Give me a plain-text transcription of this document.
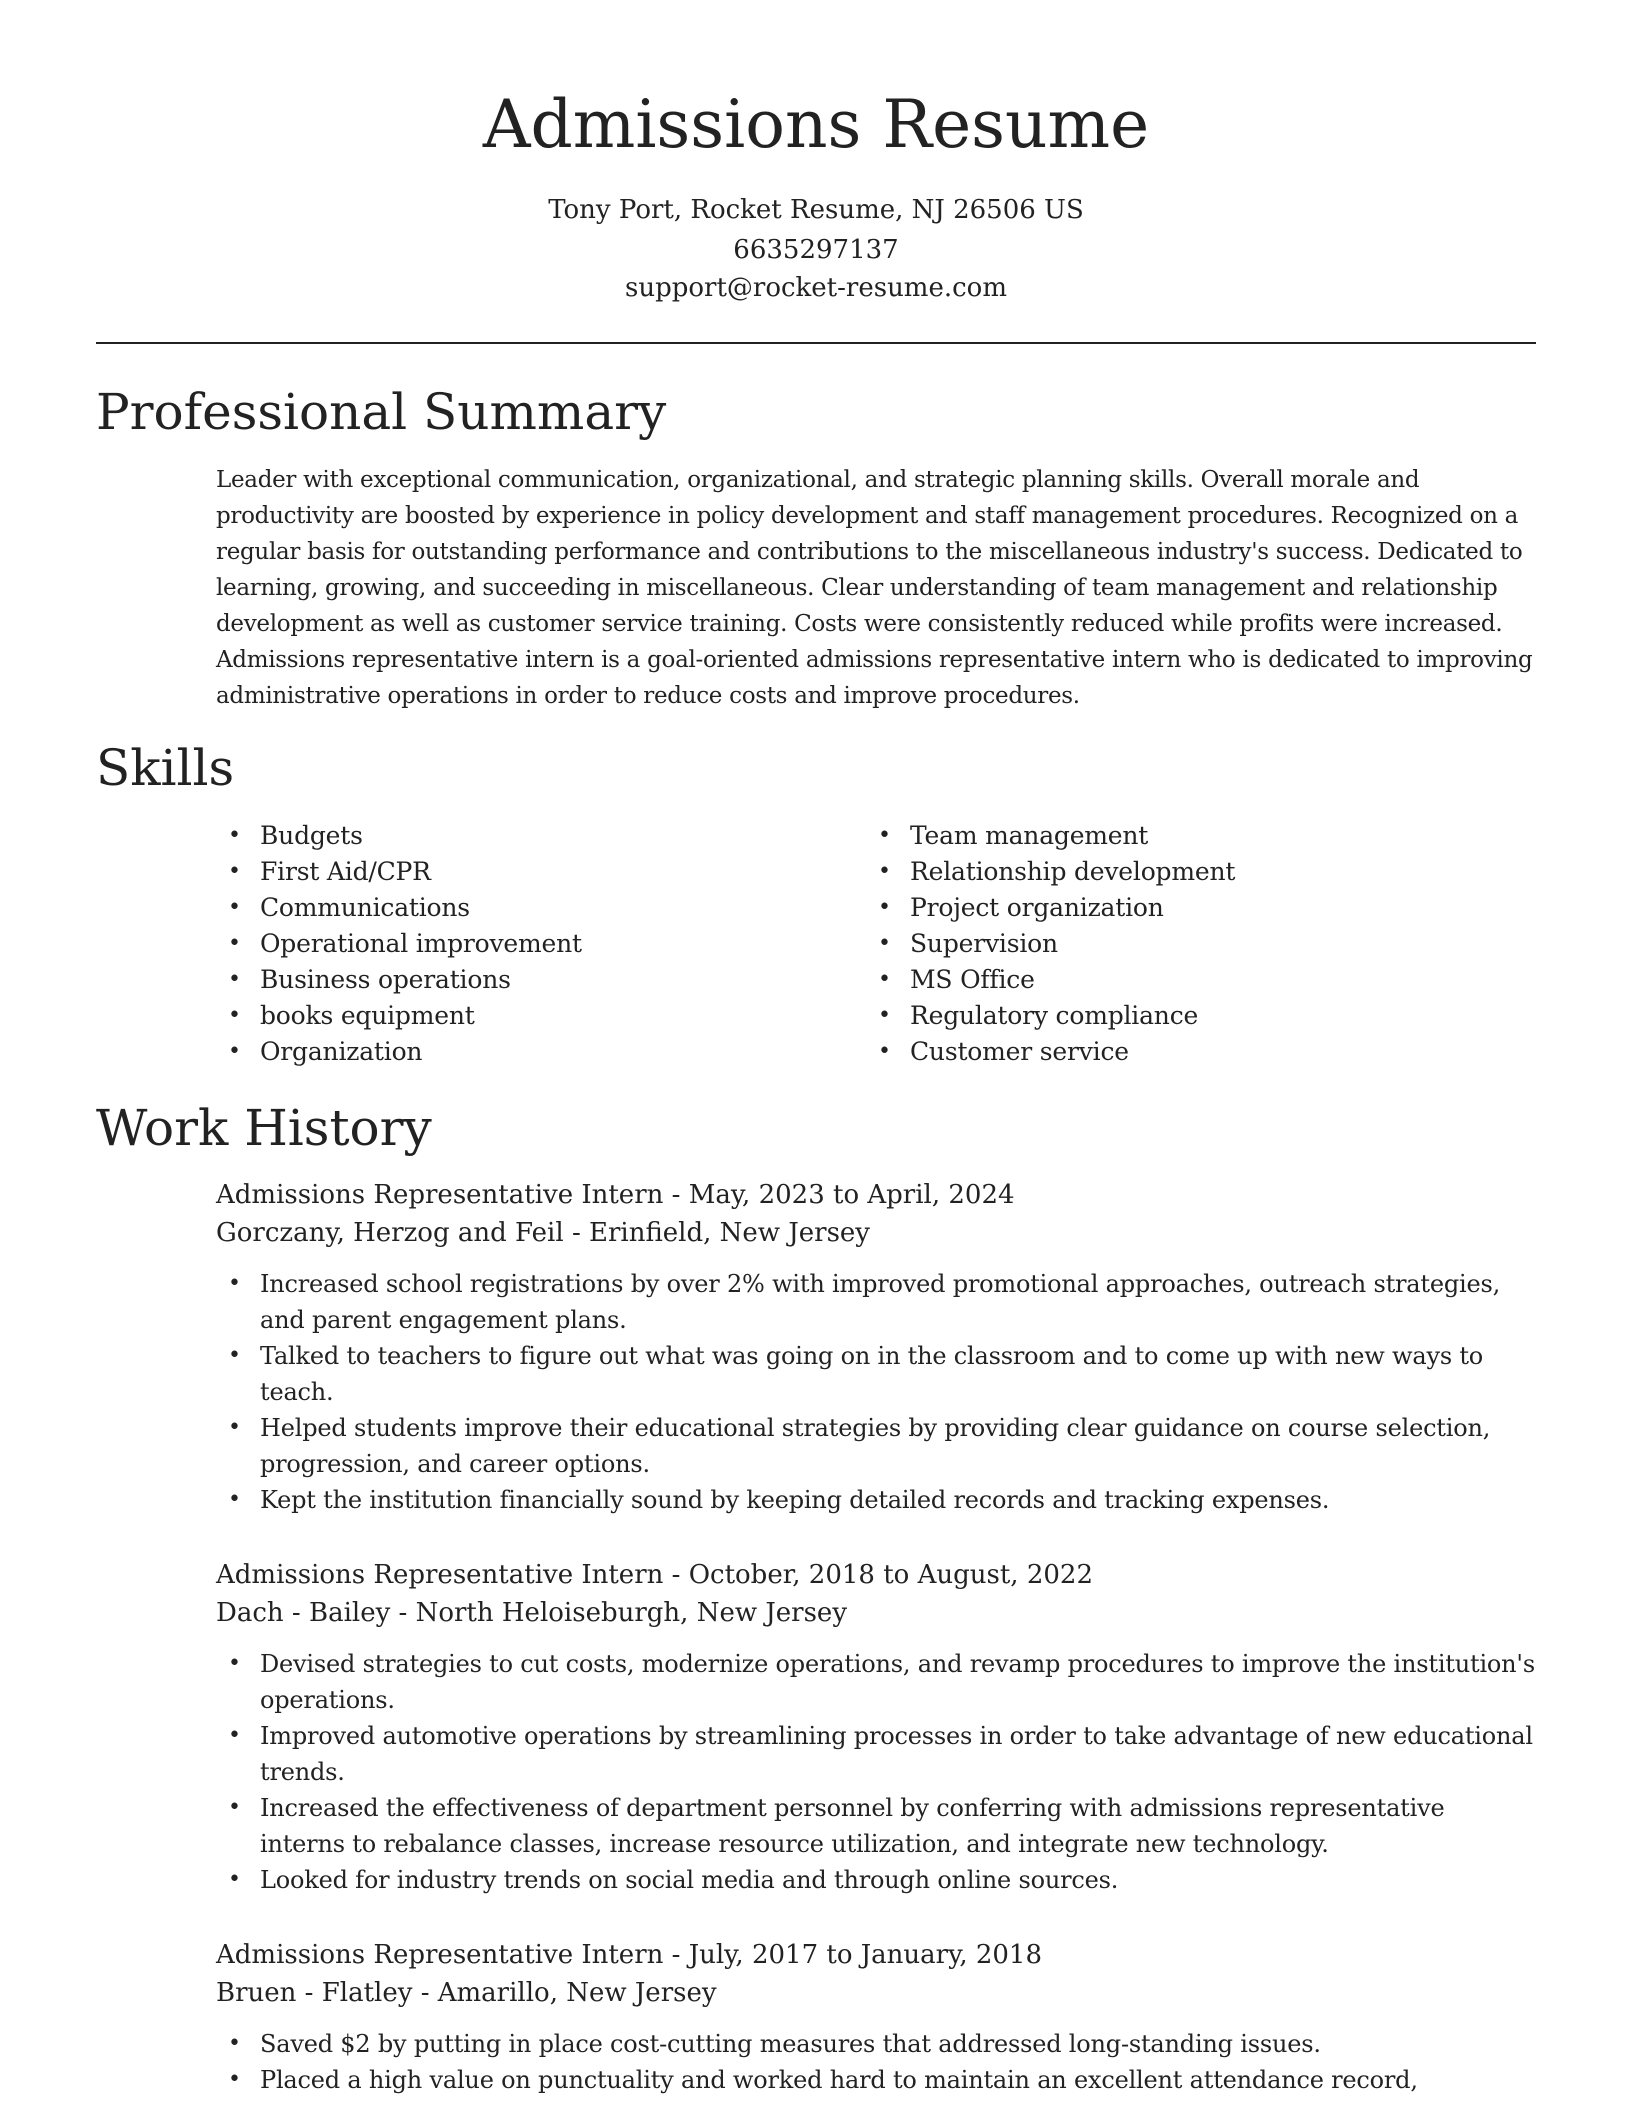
Admissions Resume
Tony Port, Rocket Resume, NJ 26506 US
6635297137
support@rocket-resume.com
Professional Summary

Leader with exceptional communication, organizational, and strategic planning skills. Overall morale and productivity are boosted by experience in policy development and staff management procedures. Recognized on a regular basis for outstanding performance and contributions to the miscellaneous industry's success. Dedicated to learning, growing, and succeeding in miscellaneous. Clear understanding of team management and relationship development as well as customer service training. Costs were consistently reduced while profits were increased. Admissions representative intern is a goal-oriented admissions representative intern who is dedicated to improving administrative operations in order to reduce costs and improve procedures.

Skills
• Budgets
• First Aid/CPR
• Communications
• Operational improvement
• Business operations
• books equipment
• Organization
• Team management
• Relationship development
• Project organization
• Supervision
• MS Office
• Regulatory compliance
• Customer service
Work History
Admissions Representative Intern - May, 2023 to April, 2024
Gorczany, Herzog and Feil - Erinfield, New Jersey
• Increased school registrations by over 2% with improved promotional approaches, outreach strategies, and parent engagement plans.
• Talked to teachers to figure out what was going on in the classroom and to come up with new ways to teach.
• Helped students improve their educational strategies by providing clear guidance on course selection, progression, and career options.
• Kept the institution financially sound by keeping detailed records and tracking expenses.
Admissions Representative Intern - October, 2018 to August, 2022
Dach - Bailey - North Heloiseburgh, New Jersey
• Devised strategies to cut costs, modernize operations, and revamp procedures to improve the institution's operations.
• Improved automotive operations by streamlining processes in order to take advantage of new educational trends.
• Increased the effectiveness of department personnel by conferring with admissions representative interns to rebalance classes, increase resource utilization, and integrate new technology.
• Looked for industry trends on social media and through online sources.
Admissions Representative Intern - July, 2017 to January, 2018
Bruen - Flatley - Amarillo, New Jersey
• Saved $2 by putting in place cost-cutting measures that addressed long-standing issues.
• Placed a high value on punctuality and worked hard to maintain an excellent attendance record,
